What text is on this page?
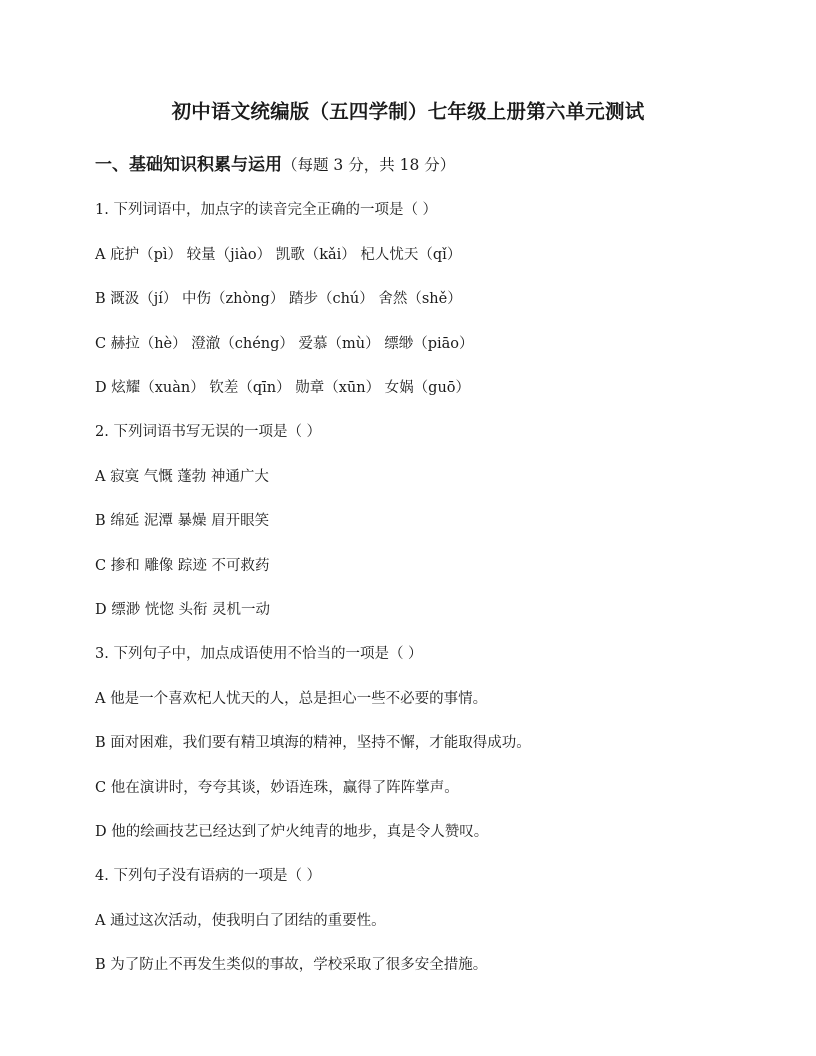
初中语文统编版（五四学制）七年级上册第六单元测试
一、基础知识积累与运用（每题 3 分，共 18 分）
1. 下列词语中，加点字的读音完全正确的一项是（ ）
A 庇护（pì） 较量（jiào） 凯歌（kǎi） 杞人忧天（qǐ）
B 溉汲（jí） 中伤（zhòng） 踏步（chú） 舍然（shě）
C 赫拉（hè） 澄澈（chéng） 爱慕（mù） 缥缈（piāo）
D 炫耀（xuàn） 钦差（qīn） 勋章（xūn） 女娲（guō）
2. 下列词语书写无误的一项是（ ）
A 寂寞 气慨 蓬勃 神通广大
B 绵延 泥潭 暴燥 眉开眼笑
C 掺和 雕像 踪迹 不可救药
D 缥渺 恍惚 头衔 灵机一动
3. 下列句子中，加点成语使用不恰当的一项是（ ）
A 他是一个喜欢杞人忧天的人，总是担心一些不必要的事情。
B 面对困难，我们要有精卫填海的精神，坚持不懈，才能取得成功。
C 他在演讲时，夸夸其谈，妙语连珠，赢得了阵阵掌声。
D 他的绘画技艺已经达到了炉火纯青的地步，真是令人赞叹。
4. 下列句子没有语病的一项是（ ）
A 通过这次活动，使我明白了团结的重要性。
B 为了防止不再发生类似的事故，学校采取了很多安全措施。
